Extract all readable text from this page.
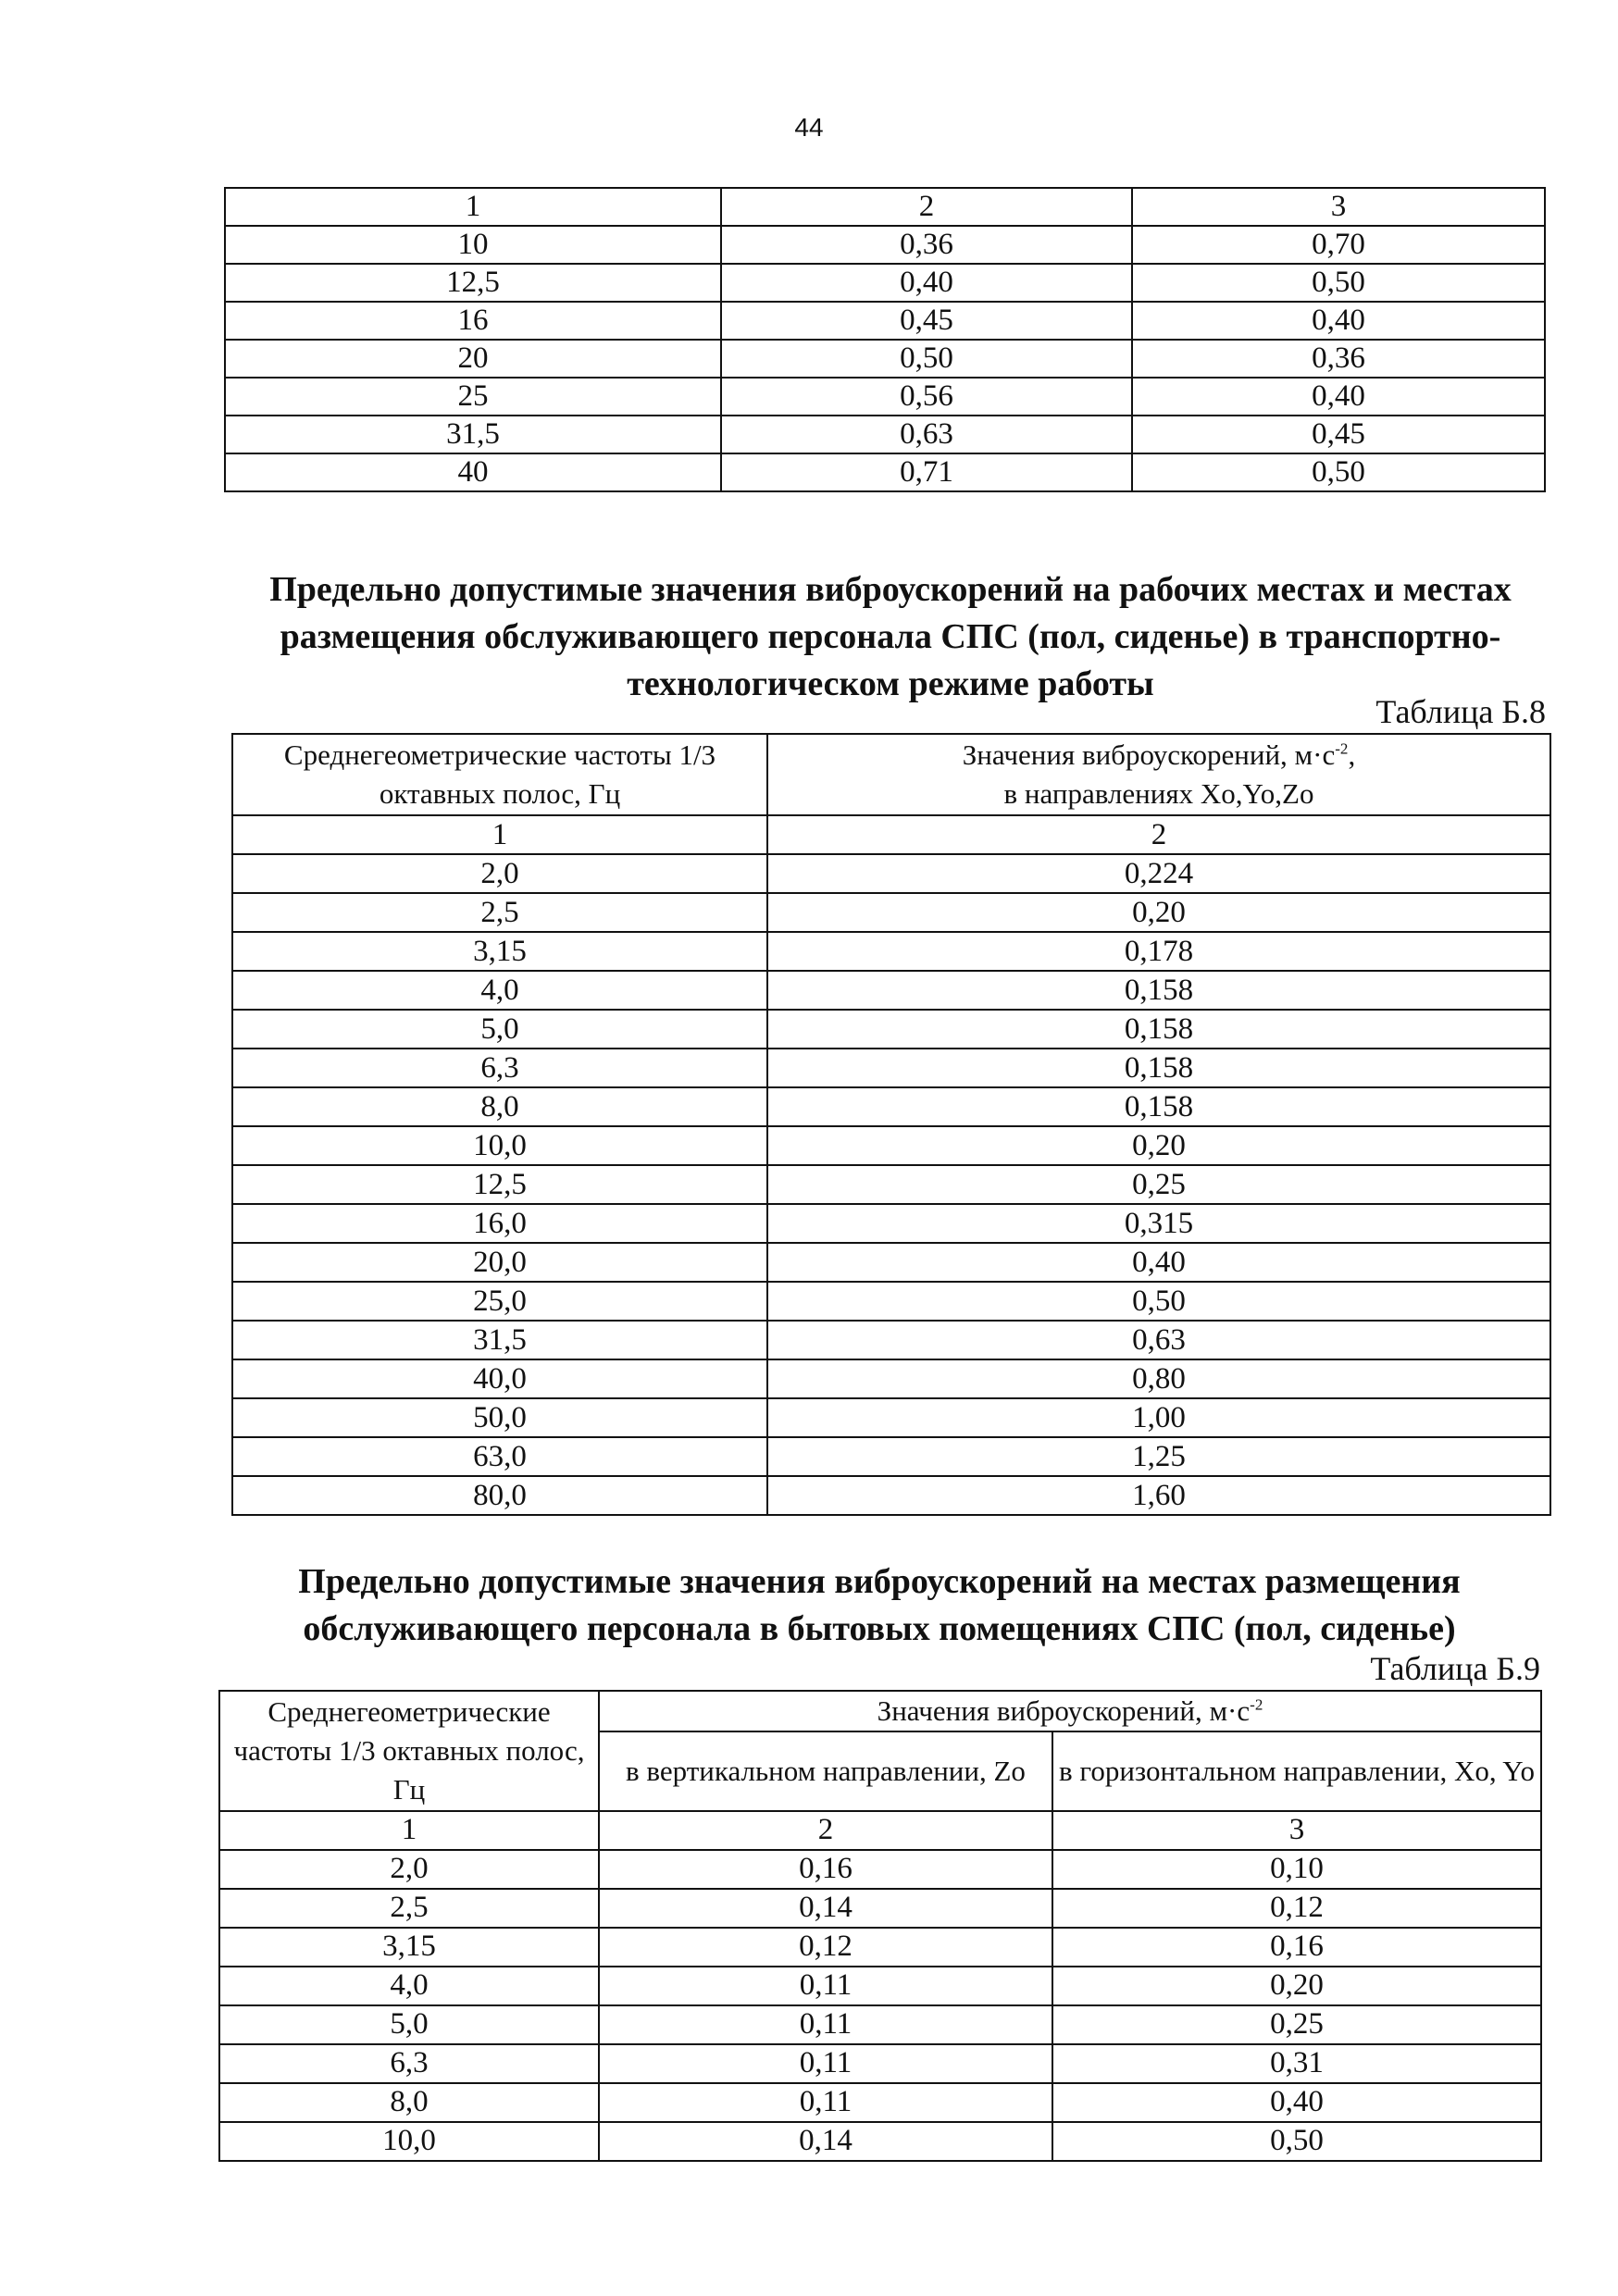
44
1	2	3
10	0,36	0,70
12,5	0,40	0,50
16	0,45	0,40
20	0,50	0,36
25	0,56	0,40
31,5	0,63	0,45
40	0,71	0,50
Предельно допустимые значения виброускорений на рабочих местах и местах размещения обслуживающего персонала СПС (пол, сиденье) в транспортно-технологическом режиме работы
Таблица Б.8
Среднегеометрические частоты 1/3 октавных полос, Гц	Значения виброускорений, $м\cdot с^{-2}$,
в направлениях Xo,Yo,Zo
1	2
2,0	0,224
2,5	0,20
3,15	0,178
4,0	0,158
5,0	0,158
6,3	0,158
8,0	0,158
10,0	0,20
12,5	0,25
16,0	0,315
20,0	0,40
25,0	0,50
31,5	0,63
40,0	0,80
50,0	1,00
63,0	1,25
80,0	1,60
Предельно допустимые значения виброускорений на местах размещения обслуживающего персонала в бытовых помещениях СПС (пол, сиденье)
Таблица Б.9
Среднегеометрические частоты 1/3 октавных полос, Гц	Значения виброускорений, $м\cdot с^{-2}$
	в вертикальном направлении, Zo	в горизонтальном направлении, Xo, Yo
1	2	3
2,0	0,16	0,10
2,5	0,14	0,12
3,15	0,12	0,16
4,0	0,11	0,20
5,0	0,11	0,25
6,3	0,11	0,31
8,0	0,11	0,40
10,0	0,14	0,50
